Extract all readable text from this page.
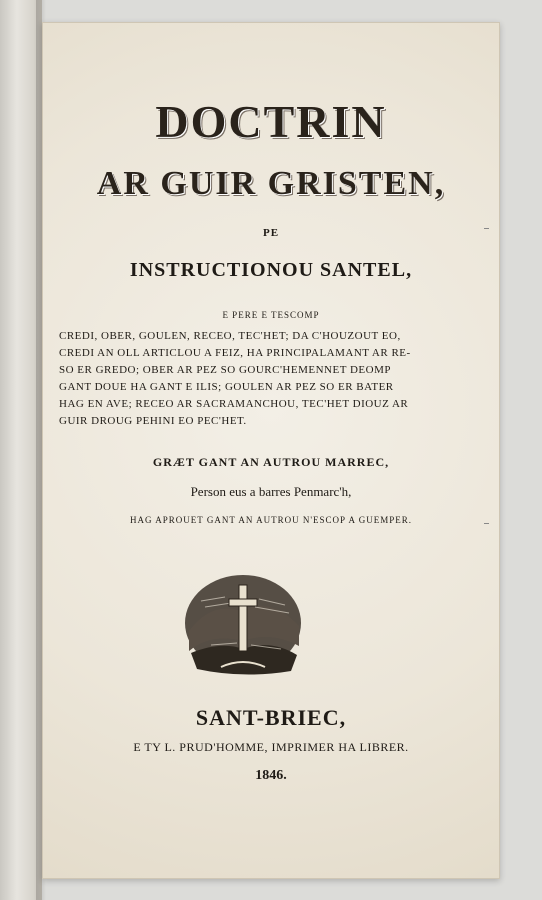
DOCTRIN
AR GUIR GRISTEN,
PE
INSTRUCTIONOU SANTEL,
E PERE E TESCOMP
CREDI, OBER, GOULEN, RECEO, TEC'HET; DA C'HOUZOUT EO,
CREDI AN OLL ARTICLOU A FEIZ, HA PRINCIPALAMANT AR RE-
SO ER GREDO; OBER AR PEZ SO GOURC'HEMENNET DEOMP
GANT DOUE HA GANT E ILIS; GOULEN AR PEZ SO ER BATER
HAG EN AVE; RECEO AR SACRAMANCHOU, TEC'HET DIOUZ AR
GUIR DROUG PEHINI EO PEC'HET.
GRÆT GANT AN AUTROU MARREC,
Person eus a barres Penmarc'h,
HAG APROUET GANT AN AUTROU N'ESCOP A GUEMPER.
SANT-BRIEC,
E TY L. PRUD'HOMME, IMPRIMER HA LIBRER.
1846.
